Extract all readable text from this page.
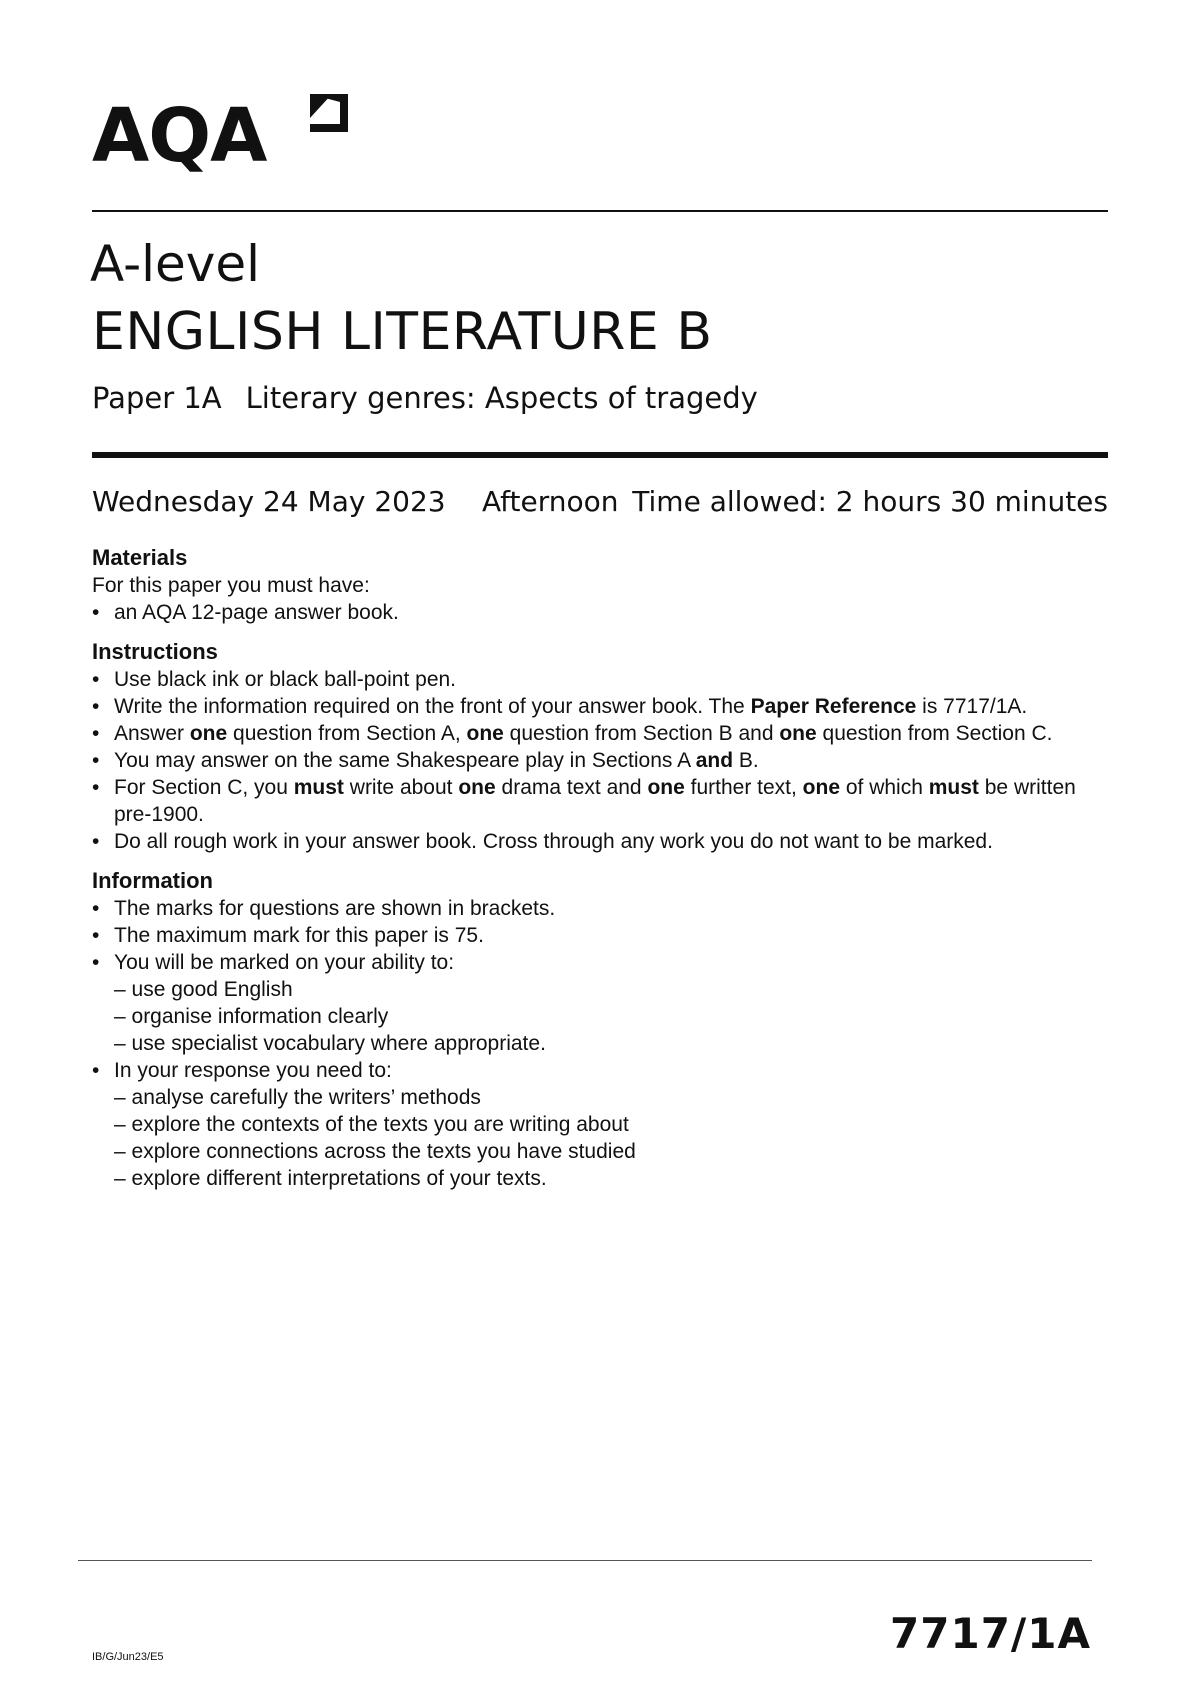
AQA
A-level
ENGLISH LITERATURE B
Paper 1A Literary genres: Aspects of tragedy
Wednesday 24 May 2023 Afternoon Time allowed: 2 hours 30 minutes

Materials

For this paper you must have:

• an AQA 12-page answer book.

Instructions

• Use black ink or black ball-point pen.
• Write the information required on the front of your answer book. The Paper Reference is 7717/1A.
• Answer one question from Section A, one question from Section B and one question from Section C.
• You may answer on the same Shakespeare play in Sections A and B.
• For Section C, you must write about one drama text and one further text, one of which must be written pre-1900.
• Do all rough work in your answer book. Cross through any work you do not want to be marked.

Information

• The marks for questions are shown in brackets.
• The maximum mark for this paper is 75.
• You will be marked on your ability to:
– use good English
– organise information clearly
– use specialist vocabulary where appropriate.
• In your response you need to:
– analyse carefully the writers’ methods
– explore the contexts of the texts you are writing about
– explore connections across the texts you have studied
– explore different interpretations of your texts.
IB/G/Jun23/E5	7717/1A
